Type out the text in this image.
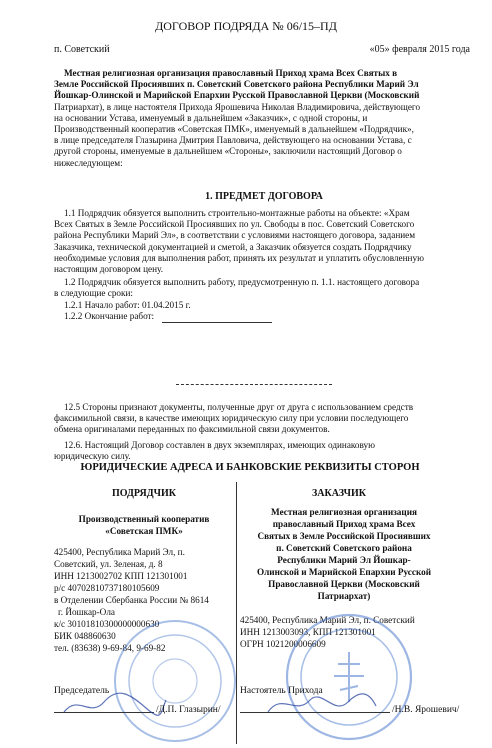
ДОГОВОР ПОДРЯДА № 06/15–ПД
п. Советский	«05» февраля 2015 года
Местная религиозная организация православный Приход храма Всех Святых в
Земле Российской Просиявших п. Советский Советского района Республики Марий Эл
Йошкар-Олинской и Марийской Епархии Русской Православной Церкви (Московский
Патриархат), в лице настоятеля Прихода Ярошевича Николая Владимировича, действующего
на основании Устава, именуемый в дальнейшем «Заказчик», с одной стороны, и
Производственный кооператив «Советская ПМК», именуемый в дальнейшем «Подрядчик»,
в лице председателя Глазырина Дмитрия Павловича, действующего на основании Устава, с
другой стороны, именуемые в дальнейшем «Стороны», заключили настоящий Договор о
нижеследующем:
1. ПРЕДМЕТ ДОГОВОРА
1.1 Подрядчик обязуется выполнить строительно-монтажные работы на объекте: «Храм
Всех Святых в Земле Российской Просиявших по ул. Свободы в пос. Советский Советского
района Республики Марий Эл», в соответствии с условиями настоящего договора, заданием
Заказчика, технической документацией и сметой, а Заказчик обязуется создать Подрядчику
необходимые условия для выполнения работ, принять их результат и уплатить обусловленную
настоящим договором цену.
1.2 Подрядчик обязуется выполнить работу, предусмотренную п. 1.1. настоящего договора
в следующие сроки:
1.2.1 Начало работ: 01.04.2015 г.
1.2.2 Окончание работ:
12.5 Стороны признают документы, полученные друг от друга с использованием средств
факсимильной связи, в качестве имеющих юридическую силу при условии последующего
обмена оригиналами переданных по факсимильной связи документов.
12.6. Настоящий Договор составлен в двух экземплярах, имеющих одинаковую
юридическую силу.
ЮРИДИЧЕСКИЕ АДРЕСА И БАНКОВСКИЕ РЕКВИЗИТЫ СТОРОН
ПОДРЯДЧИК
Производственный кооператив
«Советская ПМК»
425400, Республика Марий Эл, п.
Советский, ул. Зеленая, д. 8
ИНН 1213002702 КПП 121301001
р/с 40702810737180105609
в Отделении Сбербанка России № 8614
г. Йошкар-Ола
к/с 30101810300000000630
БИК 048860630
тел. (83638) 9-69-84, 9-69-82
Председатель
/Д.П. Глазырин/
ЗАКАЗЧИК
Местная религиозная организация
православный Приход храма Всех
Святых в Земле Российской Просиявших
п. Советский Советского района
Республики Марий Эл Йошкар-
Олинской и Марийской Епархии Русской
Православной Церкви (Московский
Патриархат)
425400, Республика Марий Эл, п. Советский
ИНН 1213003093, КПП 121301001
ОГРН 1021200006609
Настоятель Прихода
/Н.В. Ярошевич/
